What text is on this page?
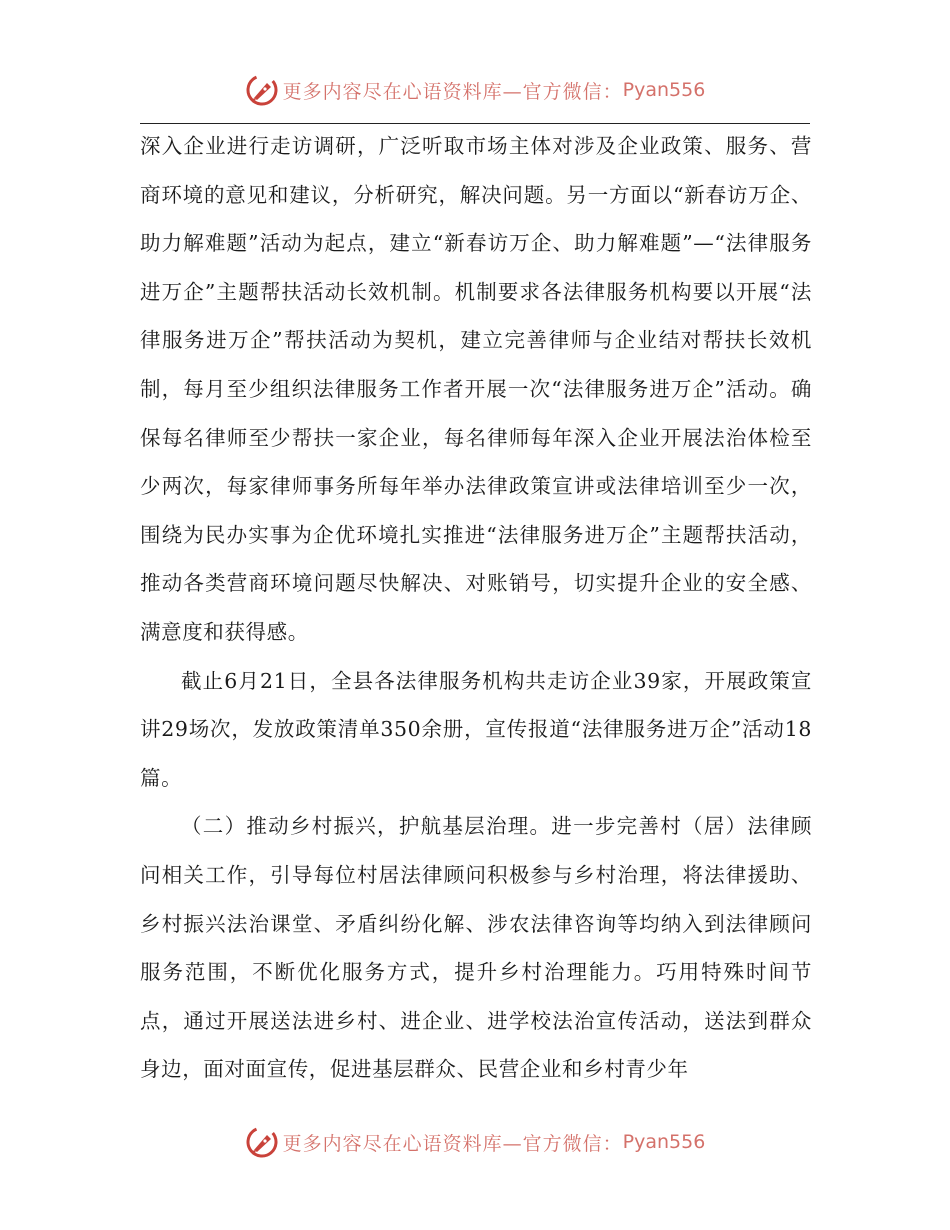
更多内容尽在心语资料库—官方微信： Pyan556

深入企业进行走访调研，广泛听取市场主体对涉及企业政策、服务、营商环境的意见和建议，分析研究，解决问题。另一方面以“新春访万企、助力解难题”活动为起点，建立“新春访万企、助力解难题”—“法律服务进万企”主题帮扶活动长效机制。机制要求各法律服务机构要以开展“法律服务进万企”帮扶活动为契机，建立完善律师与企业结对帮扶长效机制，每月至少组织法律服务工作者开展一次“法律服务进万企”活动。确保每名律师至少帮扶一家企业，每名律师每年深入企业开展法治体检至少两次，每家律师事务所每年举办法律政策宣讲或法律培训至少一次，围绕为民办实事为企优环境扎实推进“法律服务进万企”主题帮扶活动，推动各类营商环境问题尽快解决、对账销号，切实提升企业的安全感、满意度和获得感。

截止6月21日，全县各法律服务机构共走访企业39家，开展政策宣讲29场次，发放政策清单350余册，宣传报道“法律服务进万企”活动18篇。

（二）推动乡村振兴，护航基层治理。进一步完善村（居）法律顾问相关工作，引导每位村居法律顾问积极参与乡村治理，将法律援助、乡村振兴法治课堂、矛盾纠纷化解、涉农法律咨询等均纳入到法律顾问服务范围，不断优化服务方式，提升乡村治理能力。巧用特殊时间节点，通过开展送法进乡村、进企业、进学校法治宣传活动，送法到群众身边，面对面宣传，促进基层群众、民营企业和乡村青少年

更多内容尽在心语资料库—官方微信： Pyan556
